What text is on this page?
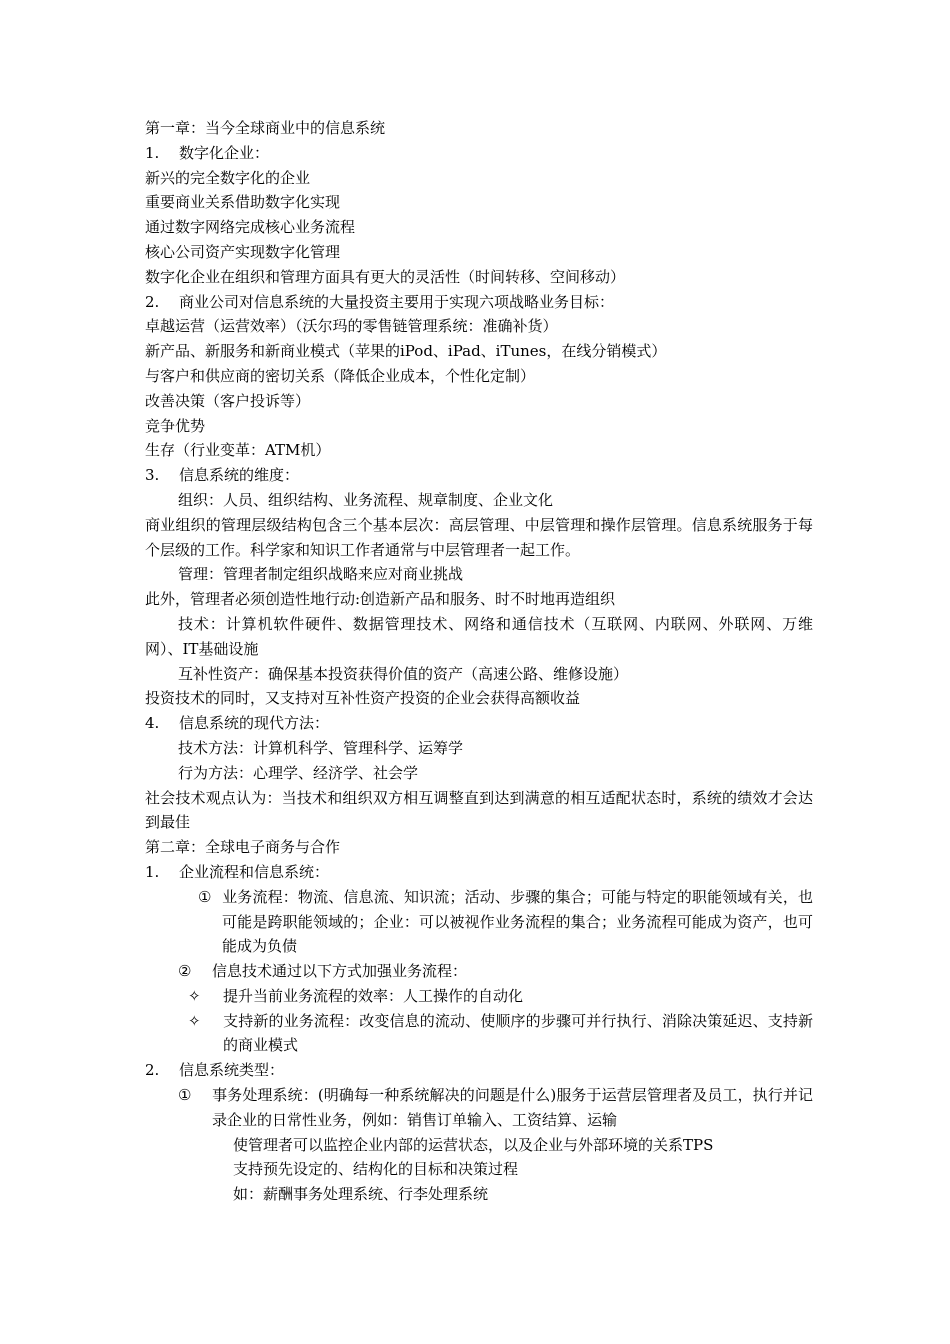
第一章：当今全球商业中的信息系统
1. 数字化企业：
新兴的完全数字化的企业
重要商业关系借助数字化实现
通过数字网络完成核心业务流程
核心公司资产实现数字化管理
数字化企业在组织和管理方面具有更大的灵活性（时间转移、空间移动）
2. 商业公司对信息系统的大量投资主要用于实现六项战略业务目标：
卓越运营（运营效率）（沃尔玛的零售链管理系统：准确补货）
新产品、新服务和新商业模式（苹果的iPod、iPad、iTunes，在线分销模式）
与客户和供应商的密切关系（降低企业成本，个性化定制）
改善决策（客户投诉等）
竞争优势
生存（行业变革：ATM机）
3. 信息系统的维度：
组织：人员、组织结构、业务流程、规章制度、企业文化
商业组织的管理层级结构包含三个基本层次：高层管理、中层管理和操作层管理。信息系统服务于每个层级的工作。科学家和知识工作者通常与中层管理者一起工作。
管理：管理者制定组织战略来应对商业挑战
此外，管理者必须创造性地行动:创造新产品和服务、时不时地再造组织
技术：计算机软件硬件、数据管理技术、网络和通信技术（互联网、内联网、外联网、万维网）、IT基础设施
互补性资产：确保基本投资获得价值的资产（高速公路、维修设施）
投资技术的同时，又支持对互补性资产投资的企业会获得高额收益
4. 信息系统的现代方法：
技术方法：计算机科学、管理科学、运筹学
行为方法：心理学、经济学、社会学
社会技术观点认为：当技术和组织双方相互调整直到达到满意的相互适配状态时，系统的绩效才会达到最佳
第二章：全球电子商务与合作
1. 企业流程和信息系统：
① 业务流程：物流、信息流、知识流；活动、步骤的集合；可能与特定的职能领域有关，也可能是跨职能领域的；企业：可以被视作业务流程的集合；业务流程可能成为资产，也可能成为负债
② 信息技术通过以下方式加强业务流程：
✧ 提升当前业务流程的效率：人工操作的自动化
✧ 支持新的业务流程：改变信息的流动、使顺序的步骤可并行执行、消除决策延迟、支持新的商业模式
2. 信息系统类型：
① 事务处理系统：(明确每一种系统解决的问题是什么)服务于运营层管理者及员工，执行并记录企业的日常性业务，例如：销售订单输入、工资结算、运输
使管理者可以监控企业内部的运营状态，以及企业与外部环境的关系TPS
支持预先设定的、结构化的目标和决策过程
如：薪酬事务处理系统、行李处理系统
